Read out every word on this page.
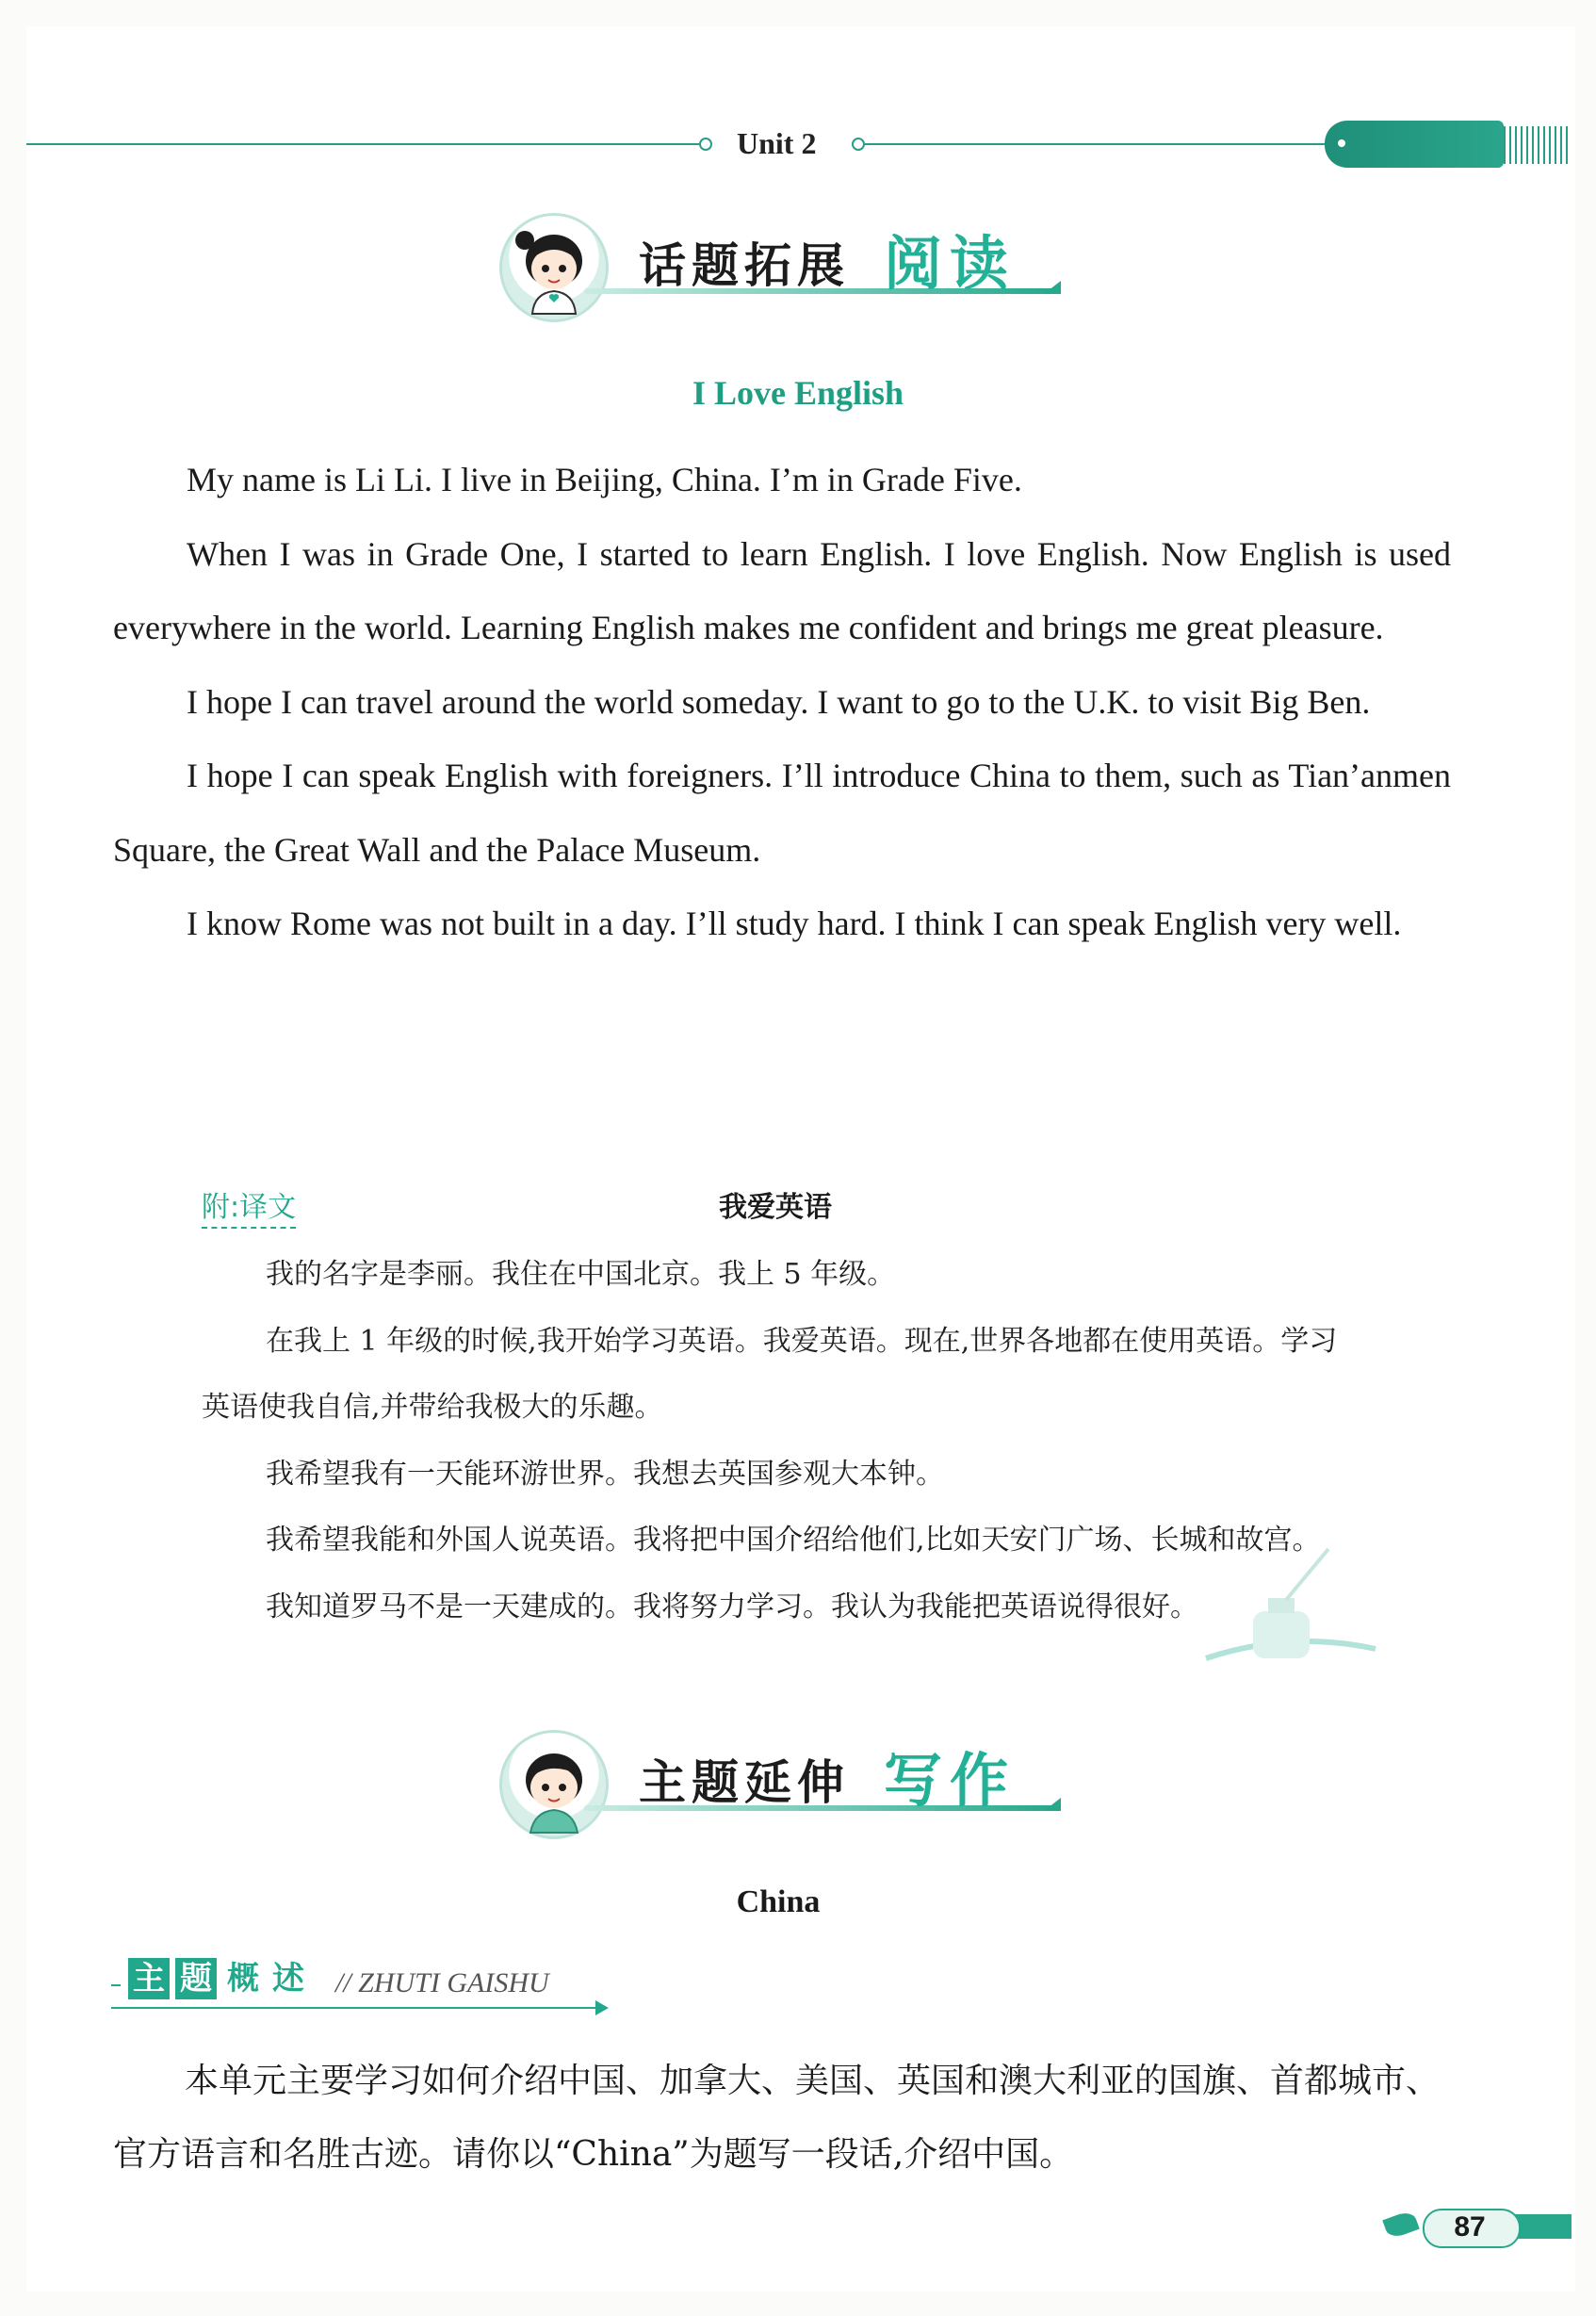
Unit 2
话题拓展 阅读
I Love English

My name is Li Li. I live in Beijing, China. I’m in Grade Five.

When I was in Grade One, I started to learn English. I love English. Now English is used everywhere in the world. Learning English makes me confident and brings me great pleasure.

I hope I can travel around the world someday. I want to go to the U.K. to visit Big Ben.

I hope I can speak English with foreigners. I’ll introduce China to them, such as Tian’anmen Square, the Great Wall and the Palace Museum.

I know Rome was not built in a day. I’ll study hard. I think I can speak English very well.

附:译文	我爱英语

我的名字是李丽。我住在中国北京。我上 5 年级。

在我上 1 年级的时候,我开始学习英语。我爱英语。现在,世界各地都在使用英语。学习英语使我自信,并带给我极大的乐趣。

我希望我有一天能环游世界。我想去英国参观大本钟。

我希望我能和外国人说英语。我将把中国介绍给他们,比如天安门广场、长城和故宫。

我知道罗马不是一天建成的。我将努力学习。我认为我能把英语说得很好。

主题延伸 写作
China
主 题 概 述 // ZHUTI GAISHU

本单元主要学习如何介绍中国、加拿大、美国、英国和澳大利亚的国旗、首都城市、官方语言和名胜古迹。请你以“China”为题写一段话,介绍中国。

87
